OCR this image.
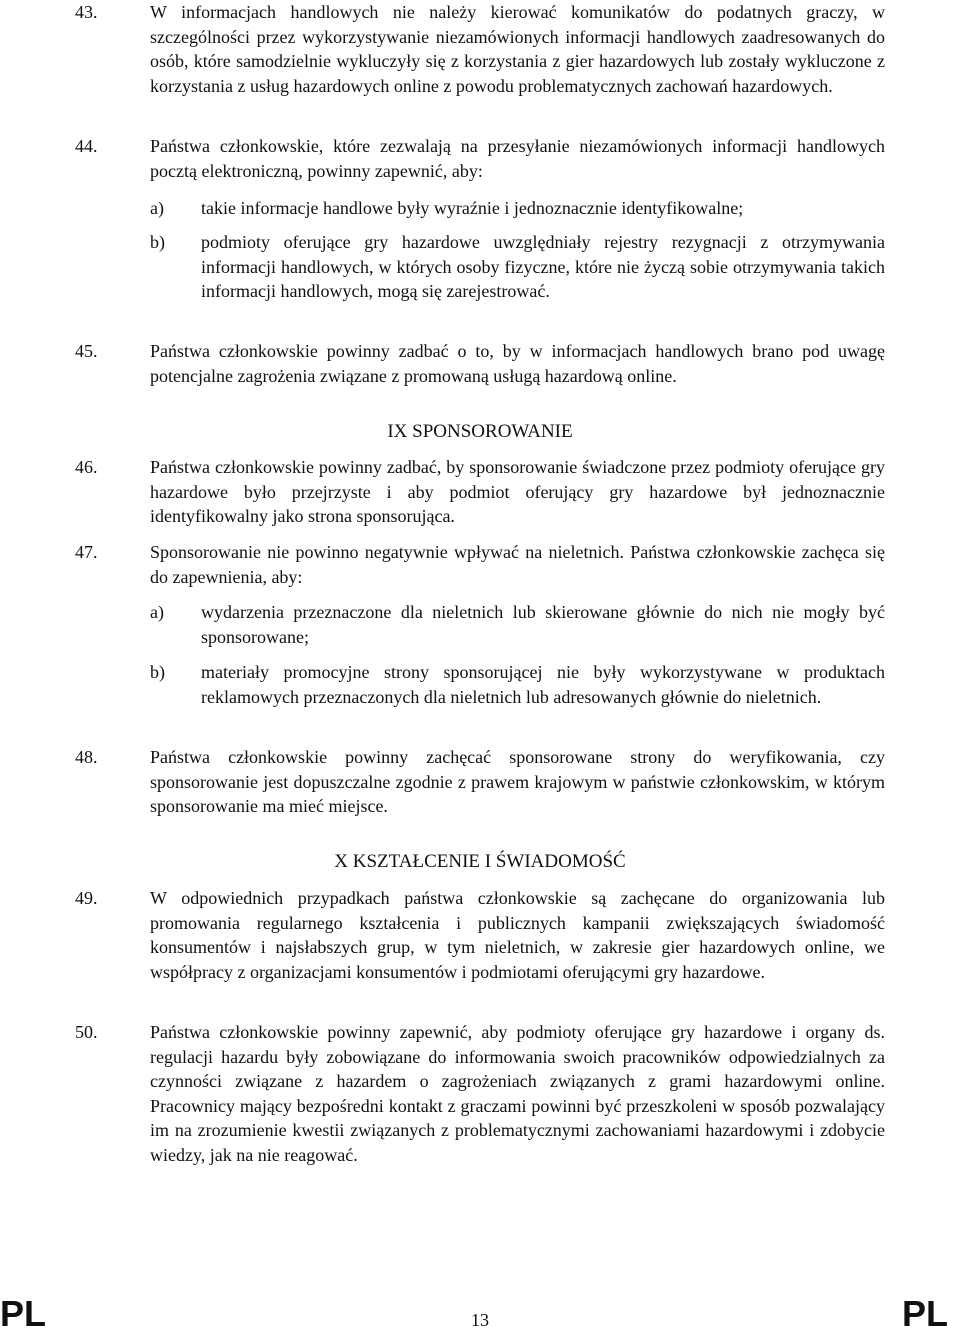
43.	W informacjach handlowych nie należy kierować komunikatów do podatnych graczy, w szczególności przez wykorzystywanie niezamówionych informacji handlowych zaadresowanych do osób, które samodzielnie wykluczyły się z korzystania z gier hazardowych lub zostały wykluczone z korzystania z usług hazardowych online z powodu problematycznych zachowań hazardowych.
44.	Państwa członkowskie, które zezwalają na przesyłanie niezamówionych informacji handlowych pocztą elektroniczną, powinny zapewnić, aby:
a)	takie informacje handlowe były wyraźnie i jednoznacznie identyfikowalne;
b)	podmioty oferujące gry hazardowe uwzględniały rejestry rezygnacji z otrzymywania informacji handlowych, w których osoby fizyczne, które nie życzą sobie otrzymywania takich informacji handlowych, mogą się zarejestrować.
45.	Państwa członkowskie powinny zadbać o to, by w informacjach handlowych brano pod uwagę potencjalne zagrożenia związane z promowaną usługą hazardową online.
IX SPONSOROWANIE
46.	Państwa członkowskie powinny zadbać, by sponsorowanie świadczone przez podmioty oferujące gry hazardowe było przejrzyste i aby podmiot oferujący gry hazardowe był jednoznacznie identyfikowalny jako strona sponsorująca.
47.	Sponsorowanie nie powinno negatywnie wpływać na nieletnich. Państwa członkowskie zachęca się do zapewnienia, aby:
a)	wydarzenia przeznaczone dla nieletnich lub skierowane głównie do nich nie mogły być sponsorowane;
b)	materiały promocyjne strony sponsorującej nie były wykorzystywane w produktach reklamowych przeznaczonych dla nieletnich lub adresowanych głównie do nieletnich.
48.	Państwa członkowskie powinny zachęcać sponsorowane strony do weryfikowania, czy sponsorowanie jest dopuszczalne zgodnie z prawem krajowym w państwie członkowskim, w którym sponsorowanie ma mieć miejsce.
X KSZTAŁCENIE I ŚWIADOMOŚĆ
49.	W odpowiednich przypadkach państwa członkowskie są zachęcane do organizowania lub promowania regularnego kształcenia i publicznych kampanii zwiększających świadomość konsumentów i najsłabszych grup, w tym nieletnich, w zakresie gier hazardowych online, we współpracy z organizacjami konsumentów i podmiotami oferującymi gry hazardowe.
50.	Państwa członkowskie powinny zapewnić, aby podmioty oferujące gry hazardowe i organy ds. regulacji hazardu były zobowiązane do informowania swoich pracowników odpowiedzialnych za czynności związane z hazardem o zagrożeniach związanych z grami hazardowymi online. Pracownicy mający bezpośredni kontakt z graczami powinni być przeszkoleni w sposób pozwalający im na zrozumienie kwestii związanych z problematycznymi zachowaniami hazardowymi i zdobycie wiedzy, jak na nie reagować.
PL	13	PL
